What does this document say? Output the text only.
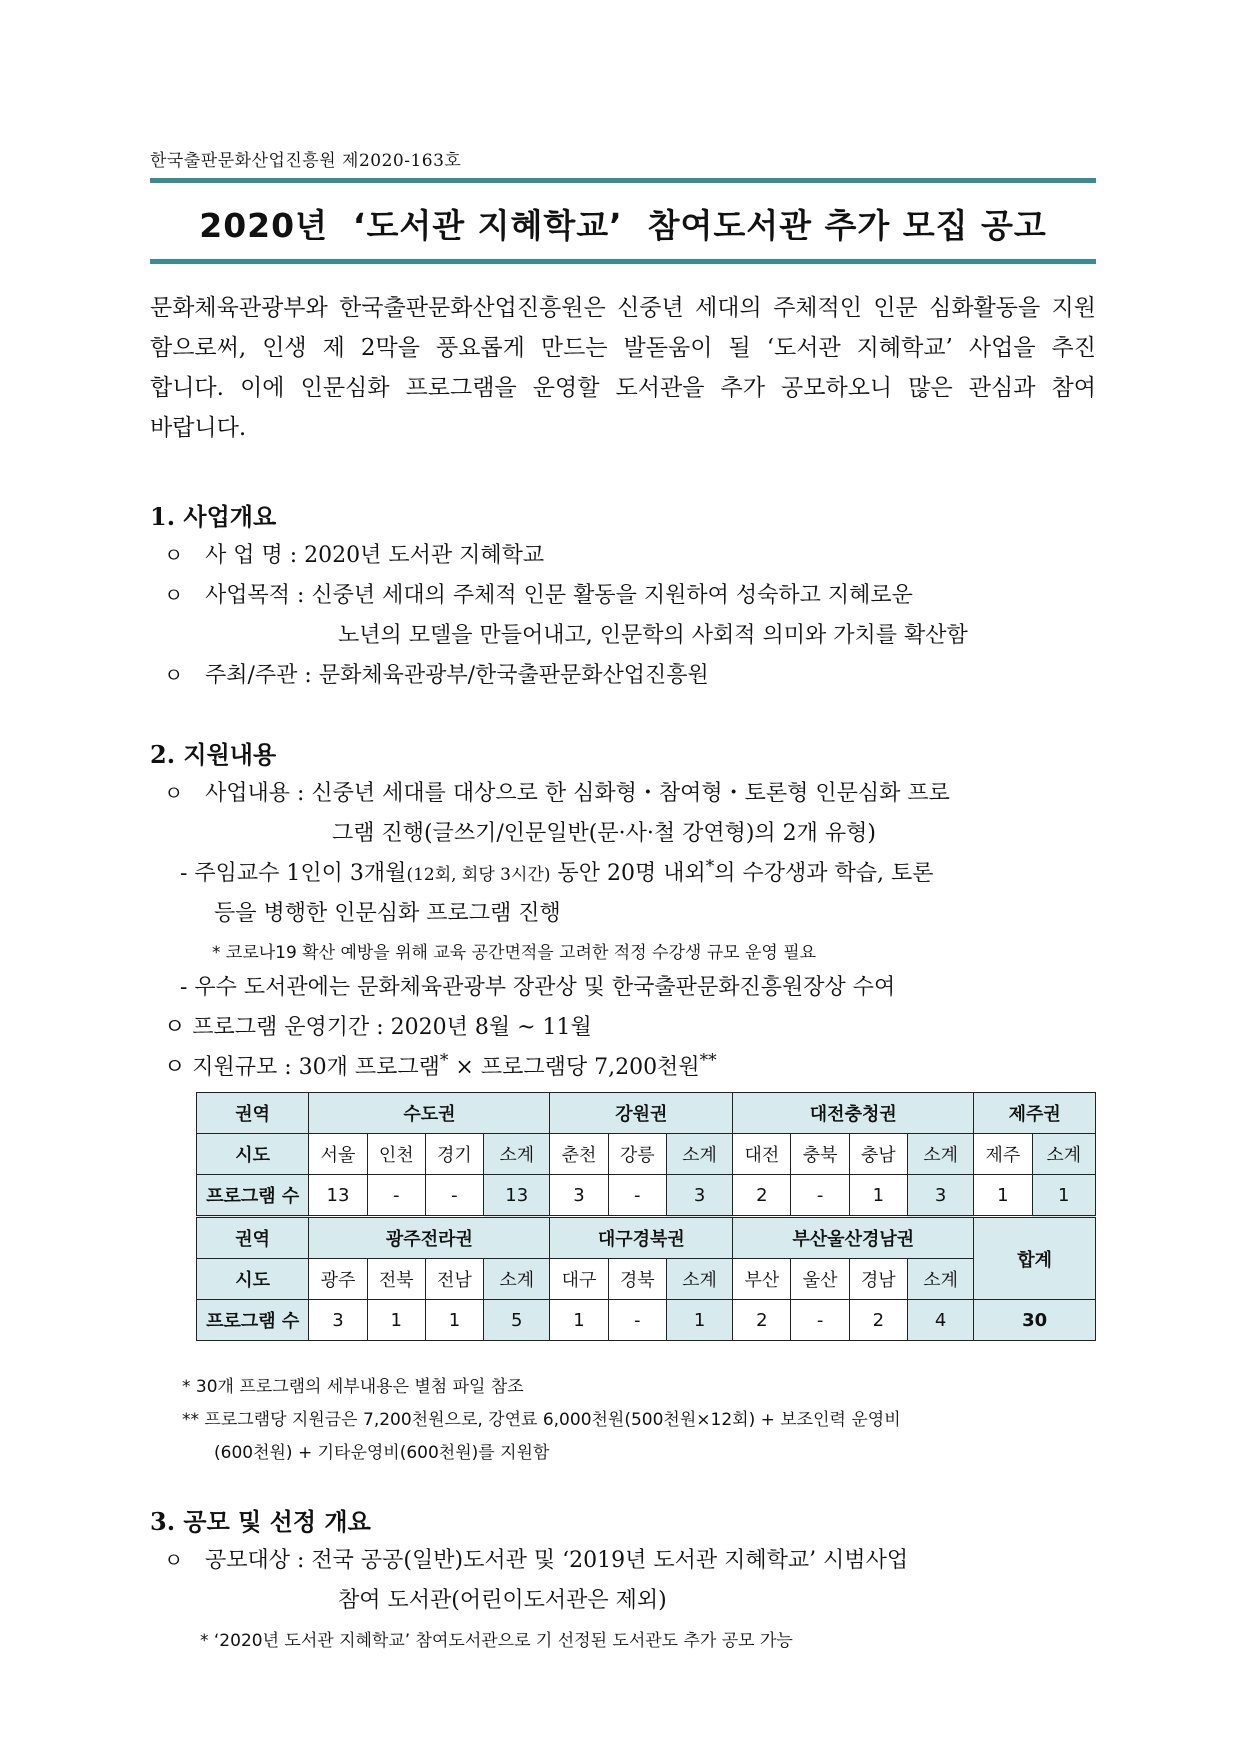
한국출판문화산업진흥원 제2020-163호
2020년  ‘도서관 지혜학교’  참여도서관 추가 모집 공고
문화체육관광부와 한국출판문화산업진흥원은 신중년 세대의 주체적인 인문 심화활동을 지원
함으로써, 인생 제 2막을 풍요롭게 만드는 발돋움이 될 ‘도서관 지혜학교’ 사업을 추진
합니다. 이에 인문심화 프로그램을 운영할 도서관을 추가 공모하오니 많은 관심과 참여
바랍니다.
1. 사업개요
ㅇ 사 업 명 : 2020년 도서관 지혜학교
ㅇ 사업목적 : 신중년 세대의 주체적 인문 활동을 지원하여 성숙하고 지혜로운
노년의 모델을 만들어내고, 인문학의 사회적 의미와 가치를 확산함
ㅇ 주최/주관 : 문화체육관광부/한국출판문화산업진흥원
2. 지원내용
ㅇ 사업내용 : 신중년 세대를 대상으로 한 심화형・참여형・토론형 인문심화 프로
그램 진행(글쓰기/인문일반(문·사·철 강연형)의 2개 유형)
- 주임교수 1인이 3개월(12회, 회당 3시간) 동안 20명 내외*의 수강생과 학습, 토론
등을 병행한 인문심화 프로그램 진행
* 코로나19 확산 예방을 위해 교육 공간면적을 고려한 적정 수강생 규모 운영 필요
- 우수 도서관에는 문화체육관광부 장관상 및 한국출판문화진흥원장상 수여
ㅇ 프로그램 운영기간 : 2020년 8월 ~ 11월
ㅇ 지원규모 : 30개 프로그램* × 프로그램당 7,200천원**
권역	수도권				강원권			대전충청권				제주권	
시도	서울	인천	경기	소계	춘천	강릉	소계	대전	충북	충남	소계	제주	소계
프로그램 수	13	-	-	13	3	-	3	2	-	1	3	1	1
권역	광주전라권				대구경북권			부산울산경남권				합계	
시도	광주	전북	전남	소계	대구	경북	소계	부산	울산	경남	소계		
프로그램 수	3	1	1	5	1	-	1	2	-	2	4	30	
* 30개 프로그램의 세부내용은 별첨 파일 참조
** 프로그램당 지원금은 7,200천원으로, 강연료 6,000천원(500천원×12회) + 보조인력 운영비
(600천원) + 기타운영비(600천원)를 지원함
3. 공모 및 선정 개요
ㅇ 공모대상 : 전국 공공(일반)도서관 및 ‘2019년 도서관 지혜학교’ 시범사업
참여 도서관(어린이도서관은 제외)
* ‘2020년 도서관 지혜학교’ 참여도서관으로 기 선정된 도서관도 추가 공모 가능
